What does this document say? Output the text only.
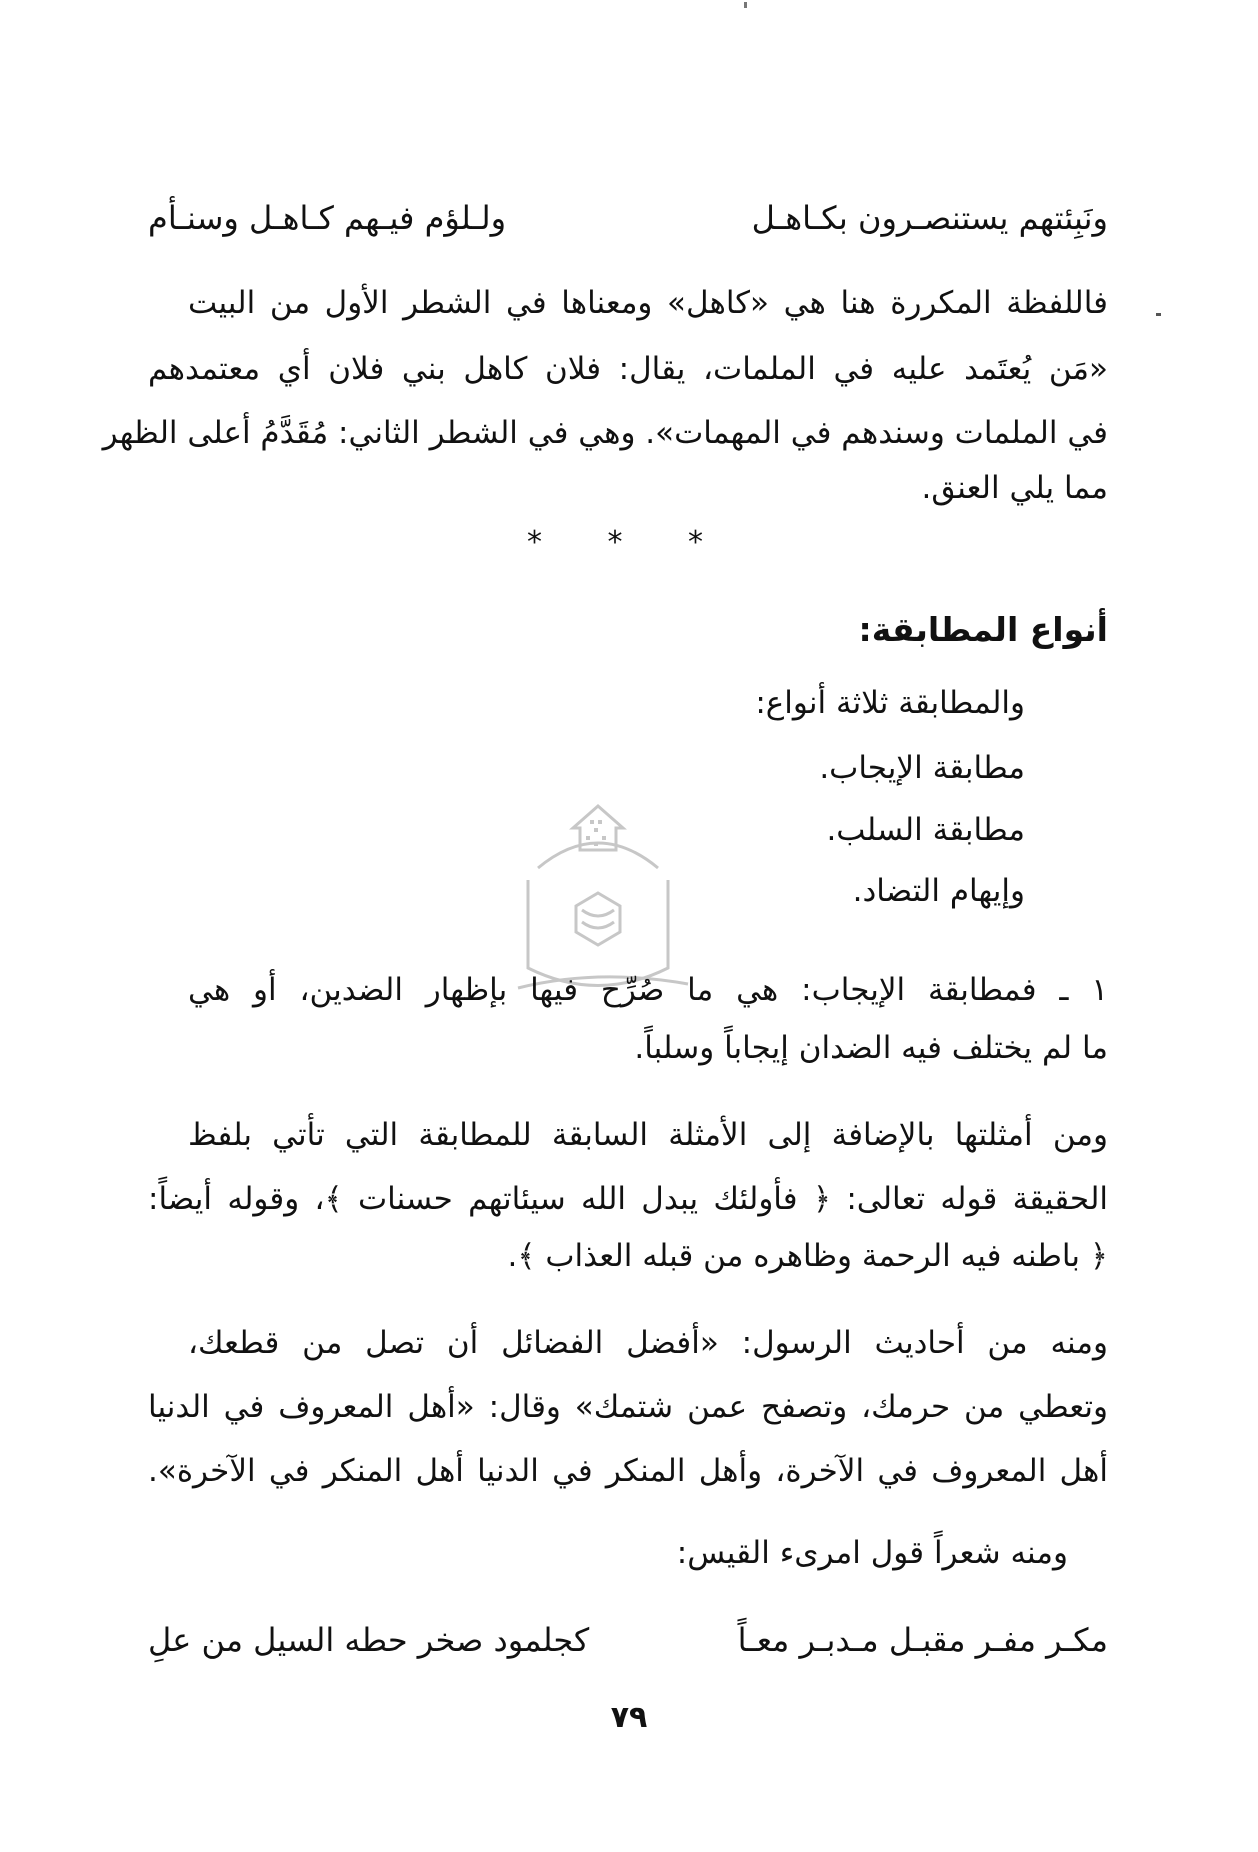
ونَبِئتهم يستنصـرون بكـاهـل
ولـلؤم فيـهم كـاهـل وسنـأم
فاللفظة المكررة هنا هي «كاهل» ومعناها في الشطر الأول من البيت
«مَن يُعتَمد عليه في الملمات، يقال: فلان كاهل بني فلان أي معتمدهم
في الملمات وسندهم في المهمات». وهي في الشطر الثاني: مُقَدَّمُ أعلى الظهر
مما يلي العنق.
* * *
أنواع المطابقة:
والمطابقة ثلاثة أنواع:
مطابقة الإيجاب.
مطابقة السلب.
وإيهام التضاد.
١ ـ فمطابقة الإيجاب: هي ما صُرِّح فيها بإظهار الضدين، أو هي
ما لم يختلف فيه الضدان إيجاباً وسلباً.
ومن أمثلتها بالإضافة إلى الأمثلة السابقة للمطابقة التي تأتي بلفظ
الحقيقة قوله تعالى: ﴿ فأولئك يبدل الله سيئاتهم حسنات ﴾، وقوله أيضاً:
﴿ باطنه فيه الرحمة وظاهره من قبله العذاب ﴾.
ومنه من أحاديث الرسول: «أفضل الفضائل أن تصل من قطعك،
وتعطي من حرمك، وتصفح عمن شتمك» وقال: «أهل المعروف في الدنيا
أهل المعروف في الآخرة، وأهل المنكر في الدنيا أهل المنكر في الآخرة».
ومنه شعراً قول امرىء القيس:
مكـر مفـر مقبـل مـدبـر معـاً
كجلمود صخر حطه السيل من علِ
٧٩
